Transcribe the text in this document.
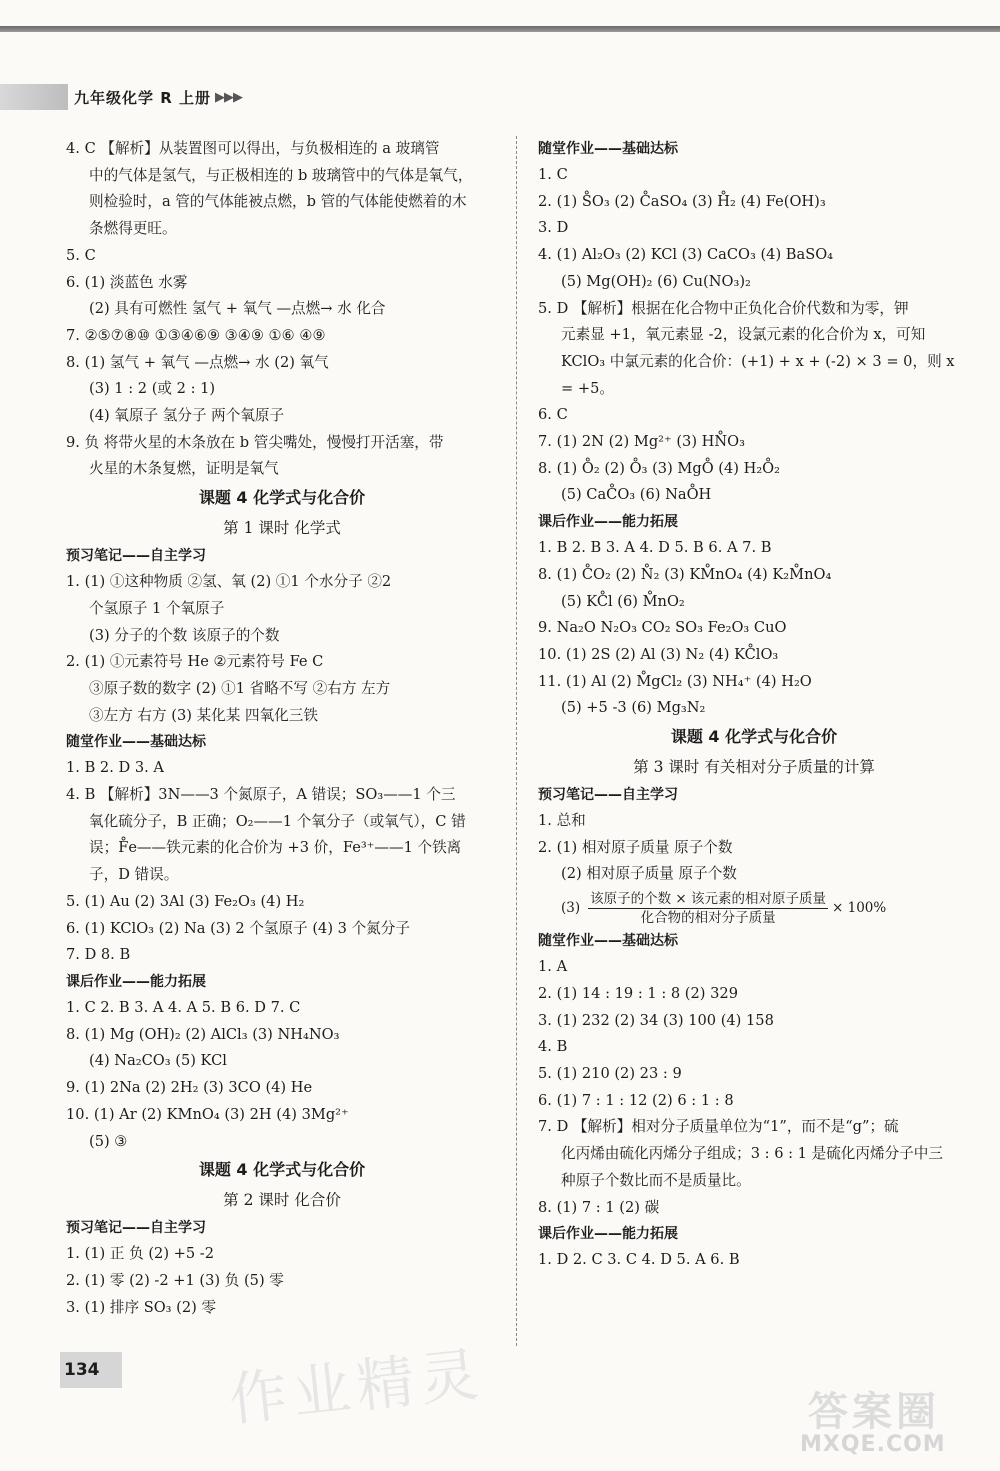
九年级化学 R 上册 ▶▶▶
4. C 【解析】从装置图可以得出，与负极相连的 a 玻璃管
中的气体是氢气，与正极相连的 b 玻璃管中的气体是氧气，
则检验时，a 管的气体能被点燃，b 管的气体能使燃着的木
条燃得更旺。
5. C
6. (1) 淡蓝色 水雾
(2) 具有可燃性 氢气 + 氧气 —点燃→ 水 化合
7. ②⑤⑦⑧⑩ ①③④⑥⑨ ③④⑨ ①⑥ ④⑨
8. (1) 氢气 + 氧气 —点燃→ 水 (2) 氧气
(3) 1 : 2 (或 2 : 1)
(4) 氧原子 氢分子 两个氧原子
9. 负 将带火星的木条放在 b 管尖嘴处，慢慢打开活塞，带
火星的木条复燃，证明是氧气
课题 4 化学式与化合价
第 1 课时 化学式
预习笔记——自主学习
1. (1) ①这种物质 ②氢、氧 (2) ①1 个水分子 ②2
个氢原子 1 个氧原子
(3) 分子的个数 该原子的个数
2. (1) ①元素符号 He ②元素符号 Fe C
③原子数的数字 (2) ①1 省略不写 ②右方 左方
③左方 右方 (3) 某化某 四氧化三铁
随堂作业——基础达标
1. B 2. D 3. A
4. B 【解析】3N——3 个氮原子，A 错误；SO₃——1 个三
氧化硫分子，B 正确；O₂——1 个氧分子（或氧气），C 错
误；F̊e——铁元素的化合价为 +3 价，Fe³⁺——1 个铁离
子，D 错误。
5. (1) Au (2) 3Al (3) Fe₂O₃ (4) H₂
6. (1) KClO₃ (2) Na (3) 2 个氢原子 (4) 3 个氮分子
7. D 8. B
课后作业——能力拓展
1. C 2. B 3. A 4. A 5. B 6. D 7. C
8. (1) Mg (OH)₂ (2) AlCl₃ (3) NH₄NO₃
(4) Na₂CO₃ (5) KCl
9. (1) 2Na (2) 2H₂ (3) 3CO (4) He
10. (1) Ar (2) KMnO₄ (3) 2H (4) 3Mg²⁺
(5) ③
课题 4 化学式与化合价
第 2 课时 化合价
预习笔记——自主学习
1. (1) 正 负 (2) +5 -2
2. (1) 零 (2) -2 +1 (3) 负 (5) 零
3. (1) 排序 SO₃ (2) 零
随堂作业——基础达标
1. C
2. (1) S̊O₃ (2) C̊aSO₄ (3) H̊₂ (4) Fe(OH)₃
3. D
4. (1) Al₂O₃ (2) KCl (3) CaCO₃ (4) BaSO₄
(5) Mg(OH)₂ (6) Cu(NO₃)₂
5. D 【解析】根据在化合物中正负化合价代数和为零，钾
元素显 +1，氧元素显 -2，设氯元素的化合价为 x，可知
KClO₃ 中氯元素的化合价：(+1) + x + (-2) × 3 = 0，则 x
= +5。
6. C
7. (1) 2N (2) Mg²⁺ (3) HN̊O₃
8. (1) O̊₂ (2) O̊₃ (3) MgO̊ (4) H₂O̊₂
(5) CaC̊O₃ (6) NaO̊H
课后作业——能力拓展
1. B 2. B 3. A 4. D 5. B 6. A 7. B
8. (1) C̊O₂ (2) N̊₂ (3) KM̊nO₄ (4) K₂M̊nO₄
(5) KC̊l (6) M̊nO₂
9. Na₂O N₂O₃ CO₂ SO₃ Fe₂O₃ CuO
10. (1) 2S (2) Al (3) N₂ (4) KC̊lO₃
11. (1) Al (2) M̊gCl₂ (3) NH₄⁺ (4) H₂O
(5) +5 -3 (6) Mg₃N₂
课题 4 化学式与化合价
第 3 课时 有关相对分子质量的计算
预习笔记——自主学习
1. 总和
2. (1) 相对原子质量 原子个数
(2) 相对原子质量 原子个数
$(3) \frac{\text{该原子的个数 × 该元素的相对原子质量}}{\text{化合物的相对分子质量}} \times 100\%$
随堂作业——基础达标
1. A
2. (1) 14 : 19 : 1 : 8 (2) 329
3. (1) 232 (2) 34 (3) 100 (4) 158
4. B
5. (1) 210 (2) 23 : 9
6. (1) 7 : 1 : 12 (2) 6 : 1 : 8
7. D 【解析】相对分子质量单位为“1”，而不是“g”；硫
化丙烯由硫化丙烯分子组成；3 : 6 : 1 是硫化丙烯分子中三
种原子个数比而不是质量比。
8. (1) 7 : 1 (2) 碳
课后作业——能力拓展
1. D 2. C 3. C 4. D 5. A 6. B
134	作业精灵	答案圈
MXQE.COM
